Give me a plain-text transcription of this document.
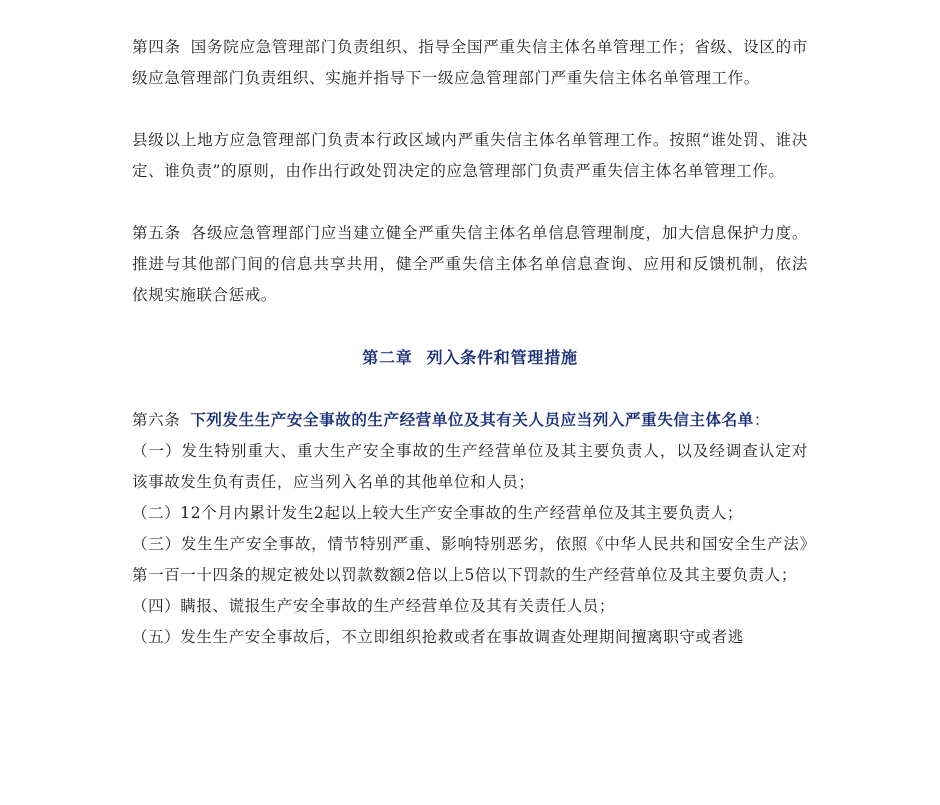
第四条 国务院应急管理部门负责组织、指导全国严重失信主体名单管理工作；省级、设区的市级应急管理部门负责组织、实施并指导下一级应急管理部门严重失信主体名单管理工作。

县级以上地方应急管理部门负责本行政区域内严重失信主体名单管理工作。按照“谁处罚、谁决定、谁负责”的原则，由作出行政处罚决定的应急管理部门负责严重失信主体名单管理工作。

第五条 各级应急管理部门应当建立健全严重失信主体名单信息管理制度，加大信息保护力度。推进与其他部门间的信息共享共用，健全严重失信主体名单信息查询、应用和反馈机制，依法依规实施联合惩戒。

第二章 列入条件和管理措施

第六条 下列发生生产安全事故的生产经营单位及其有关人员应当列入严重失信主体名单：

（一）发生特别重大、重大生产安全事故的生产经营单位及其主要负责人，以及经调查认定对该事故发生负有责任，应当列入名单的其他单位和人员；

（二）12个月内累计发生2起以上较大生产安全事故的生产经营单位及其主要负责人；

（三）发生生产安全事故，情节特别严重、影响特别恶劣，依照《中华人民共和国安全生产法》第一百一十四条的规定被处以罚款数额2倍以上5倍以下罚款的生产经营单位及其主要负责人；

（四）瞒报、谎报生产安全事故的生产经营单位及其有关责任人员；

（五）发生生产安全事故后，不立即组织抢救或者在事故调查处理期间擅离职守或者逃
